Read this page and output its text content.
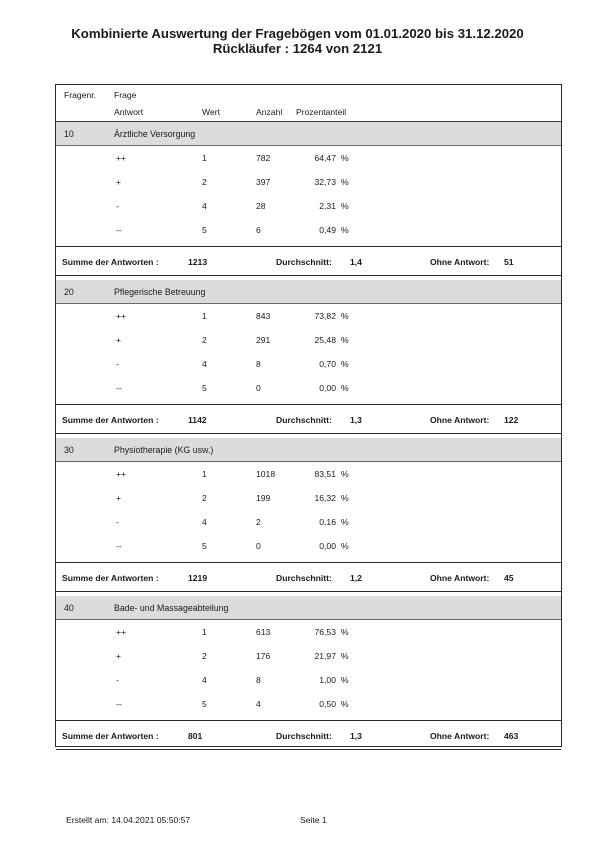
Kombinierte Auswertung der Fragebögen vom 01.01.2020 bis 31.12.2020
Rückläufer : 1264 von 2121
Fragenr. Frage
Antwort	Wert	Anzahl Prozentanteil
10	Ärztliche Versorgung
++	1	782	64,47 %
+	2	397	32,73 %
-	4	28	2,31 %
--	5	6	0,49 %
Summe der Antworten :	1213	Durchschnitt: 1,4	Ohne Antwort: 51
20	Pflegerische Betreuung
++	1	843	73,82 %
+	2	291	25,48 %
-	4	8	0,70 %
--	5	0	0,00 %
Summe der Antworten :	1142	Durchschnitt: 1,3	Ohne Antwort: 122
30	Physiotherapie (KG usw.)
++	1	1018	83,51 %
+	2	199	16,32 %
-	4	2	0,16 %
--	5	0	0,00 %
Summe der Antworten :	1219	Durchschnitt: 1,2	Ohne Antwort: 45
40	Bade- und Massageabteilung
++	1	613	76,53 %
+	2	176	21,97 %
-	4	8	1,00 %
--	5	4	0,50 %
Summe der Antworten :	801	Durchschnitt: 1,3	Ohne Antwort: 463
Erstellt am: 14.04.2021 05:50:57	Seite 1
